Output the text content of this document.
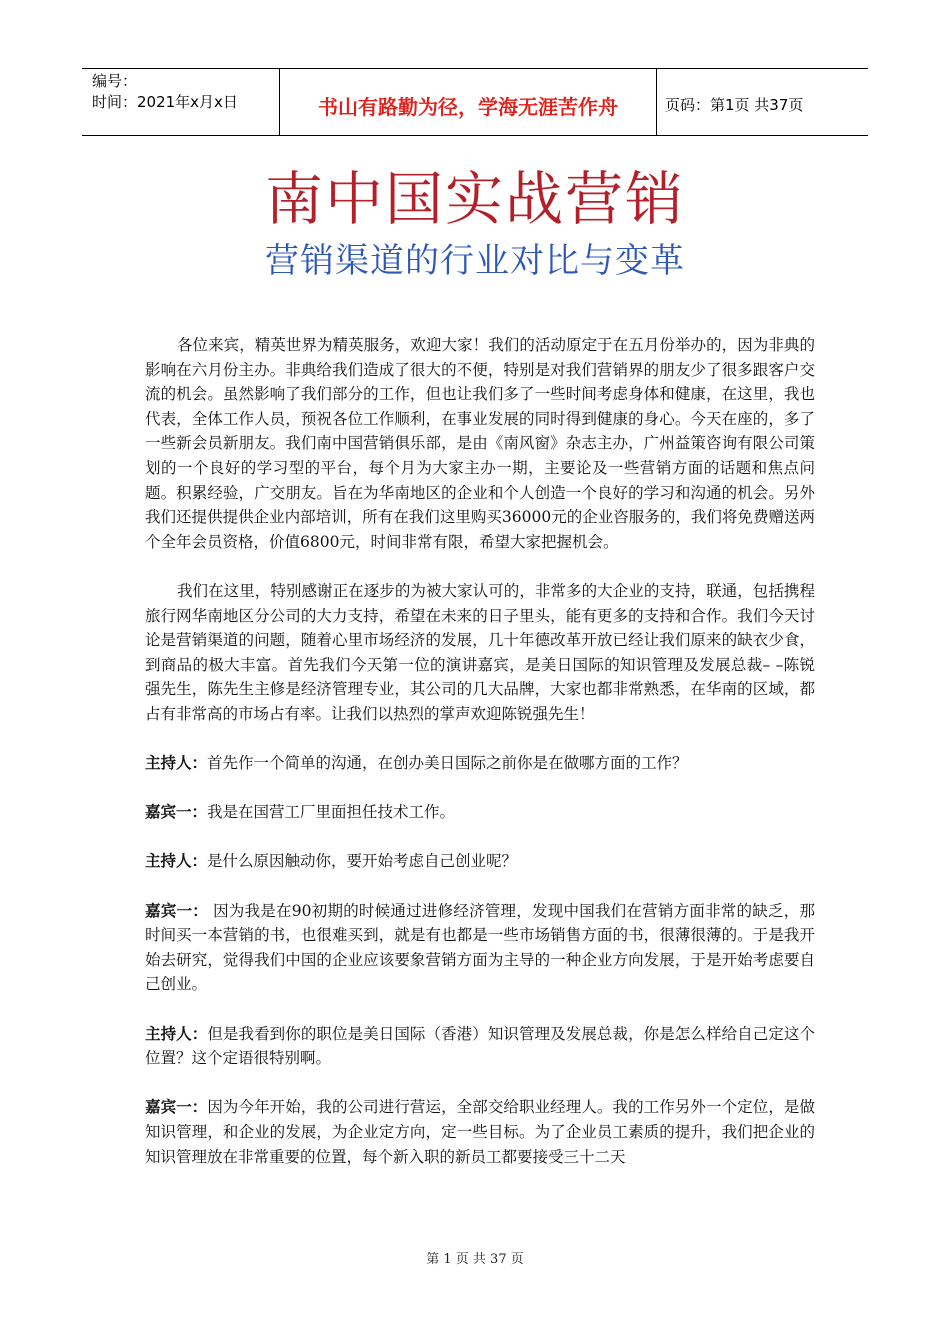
编号：
时间：2021年x月x日	书山有路勤为径，学海无涯苦作舟	页码：第1页 共37页
南中国实战营销
营销渠道的行业对比与变革

各位来宾，精英世界为精英服务，欢迎大家！我们的活动原定于在五月份举办的，因为非典的影响在六月份主办。非典给我们造成了很大的不便，特别是对我们营销界的朋友少了很多跟客户交流的机会。虽然影响了我们部分的工作，但也让我们多了一些时间考虑身体和健康，在这里，我也代表，全体工作人员，预祝各位工作顺利，在事业发展的同时得到健康的身心。今天在座的，多了一些新会员新朋友。我们南中国营销俱乐部，是由《南风窗》杂志主办，广州益策咨询有限公司策划的一个良好的学习型的平台，每个月为大家主办一期，主要论及一些营销方面的话题和焦点问题。积累经验，广交朋友。旨在为华南地区的企业和个人创造一个良好的学习和沟通的机会。另外我们还提供提供企业内部培训，所有在我们这里购买36000元的企业咨服务的，我们将免费赠送两个全年会员资格，价值6800元，时间非常有限，希望大家把握机会。

我们在这里，特别感谢正在逐步的为被大家认可的，非常多的大企业的支持，联通，包括携程旅行网华南地区分公司的大力支持，希望在未来的日子里头，能有更多的支持和合作。我们今天讨论是营销渠道的问题，随着心里市场经济的发展，几十年德改革开放已经让我们原来的缺衣少食，到商品的极大丰富。首先我们今天第一位的演讲嘉宾，是美日国际的知识管理及发展总裁– –陈锐强先生，陈先生主修是经济管理专业，其公司的几大品牌，大家也都非常熟悉，在华南的区域，都占有非常高的市场占有率。让我们以热烈的掌声欢迎陈锐强先生！

主持人：首先作一个简单的沟通，在创办美日国际之前你是在做哪方面的工作？

嘉宾一：我是在国营工厂里面担任技术工作。

主持人：是什么原因触动你，要开始考虑自己创业呢？

嘉宾一： 因为我是在90初期的时候通过进修经济管理，发现中国我们在营销方面非常的缺乏，那时间买一本营销的书，也很难买到，就是有也都是一些市场销售方面的书，很薄很薄的。于是我开始去研究，觉得我们中国的企业应该要象营销方面为主导的一种企业方向发展，于是开始考虑要自己创业。

主持人：但是我看到你的职位是美日国际（香港）知识管理及发展总裁，你是怎么样给自己定这个位置？这个定语很特别啊。

嘉宾一：因为今年开始，我的公司进行营运，全部交给职业经理人。我的工作另外一个定位，是做知识管理，和企业的发展，为企业定方向，定一些目标。为了企业员工素质的提升，我们把企业的知识管理放在非常重要的位置，每个新入职的新员工都要接受三十二天

第 1 页 共 37 页
